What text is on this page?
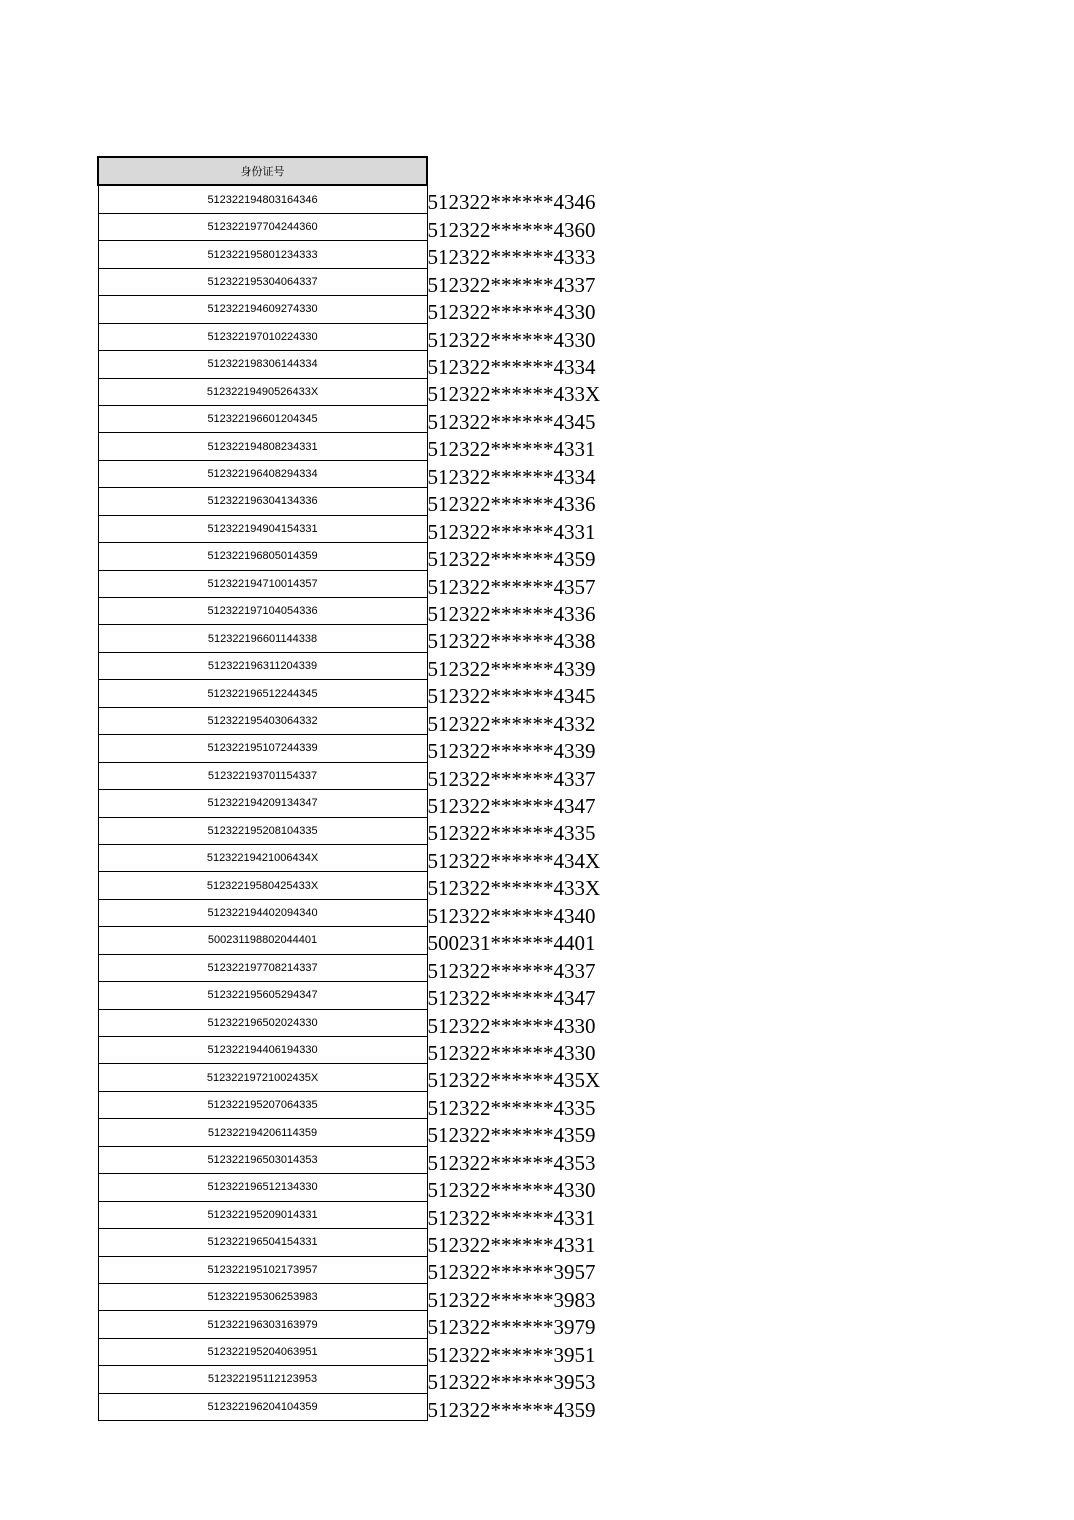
身份证号	
512322194803164346	512322******4346
512322197704244360	512322******4360
512322195801234333	512322******4333
512322195304064337	512322******4337
512322194609274330	512322******4330
512322197010224330	512322******4330
512322198306144334	512322******4334
51232219490526433X	512322******433X
512322196601204345	512322******4345
512322194808234331	512322******4331
512322196408294334	512322******4334
512322196304134336	512322******4336
512322194904154331	512322******4331
512322196805014359	512322******4359
512322194710014357	512322******4357
512322197104054336	512322******4336
512322196601144338	512322******4338
512322196311204339	512322******4339
512322196512244345	512322******4345
512322195403064332	512322******4332
512322195107244339	512322******4339
512322193701154337	512322******4337
512322194209134347	512322******4347
512322195208104335	512322******4335
51232219421006434X	512322******434X
51232219580425433X	512322******433X
512322194402094340	512322******4340
500231198802044401	500231******4401
512322197708214337	512322******4337
512322195605294347	512322******4347
512322196502024330	512322******4330
512322194406194330	512322******4330
51232219721002435X	512322******435X
512322195207064335	512322******4335
512322194206114359	512322******4359
512322196503014353	512322******4353
512322196512134330	512322******4330
512322195209014331	512322******4331
512322196504154331	512322******4331
512322195102173957	512322******3957
512322195306253983	512322******3983
512322196303163979	512322******3979
512322195204063951	512322******3951
512322195112123953	512322******3953
512322196204104359	512322******4359
